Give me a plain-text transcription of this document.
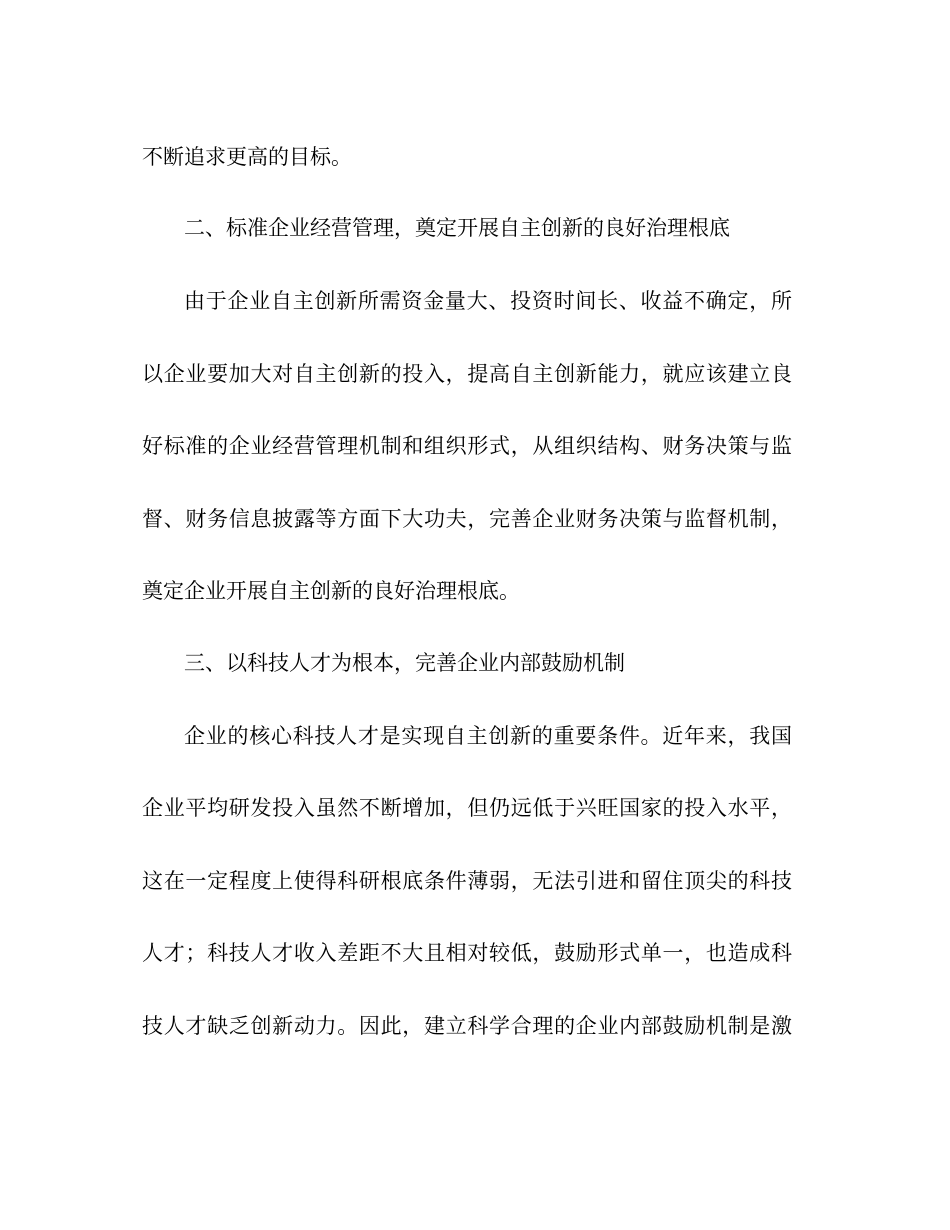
不断追求更高的目标。
二、标准企业经营管理，奠定开展自主创新的良好治理根底
由于企业自主创新所需资金量大、投资时间长、收益不确定，所
以企业要加大对自主创新的投入，提高自主创新能力，就应该建立良
好标准的企业经营管理机制和组织形式，从组织结构、财务决策与监
督、财务信息披露等方面下大功夫，完善企业财务决策与监督机制，
奠定企业开展自主创新的良好治理根底。
三、以科技人才为根本，完善企业内部鼓励机制
企业的核心科技人才是实现自主创新的重要条件。近年来，我国
企业平均研发投入虽然不断增加，但仍远低于兴旺国家的投入水平，
这在一定程度上使得科研根底条件薄弱，无法引进和留住顶尖的科技
人才；科技人才收入差距不大且相对较低，鼓励形式单一，也造成科
技人才缺乏创新动力。因此，建立科学合理的企业内部鼓励机制是激
